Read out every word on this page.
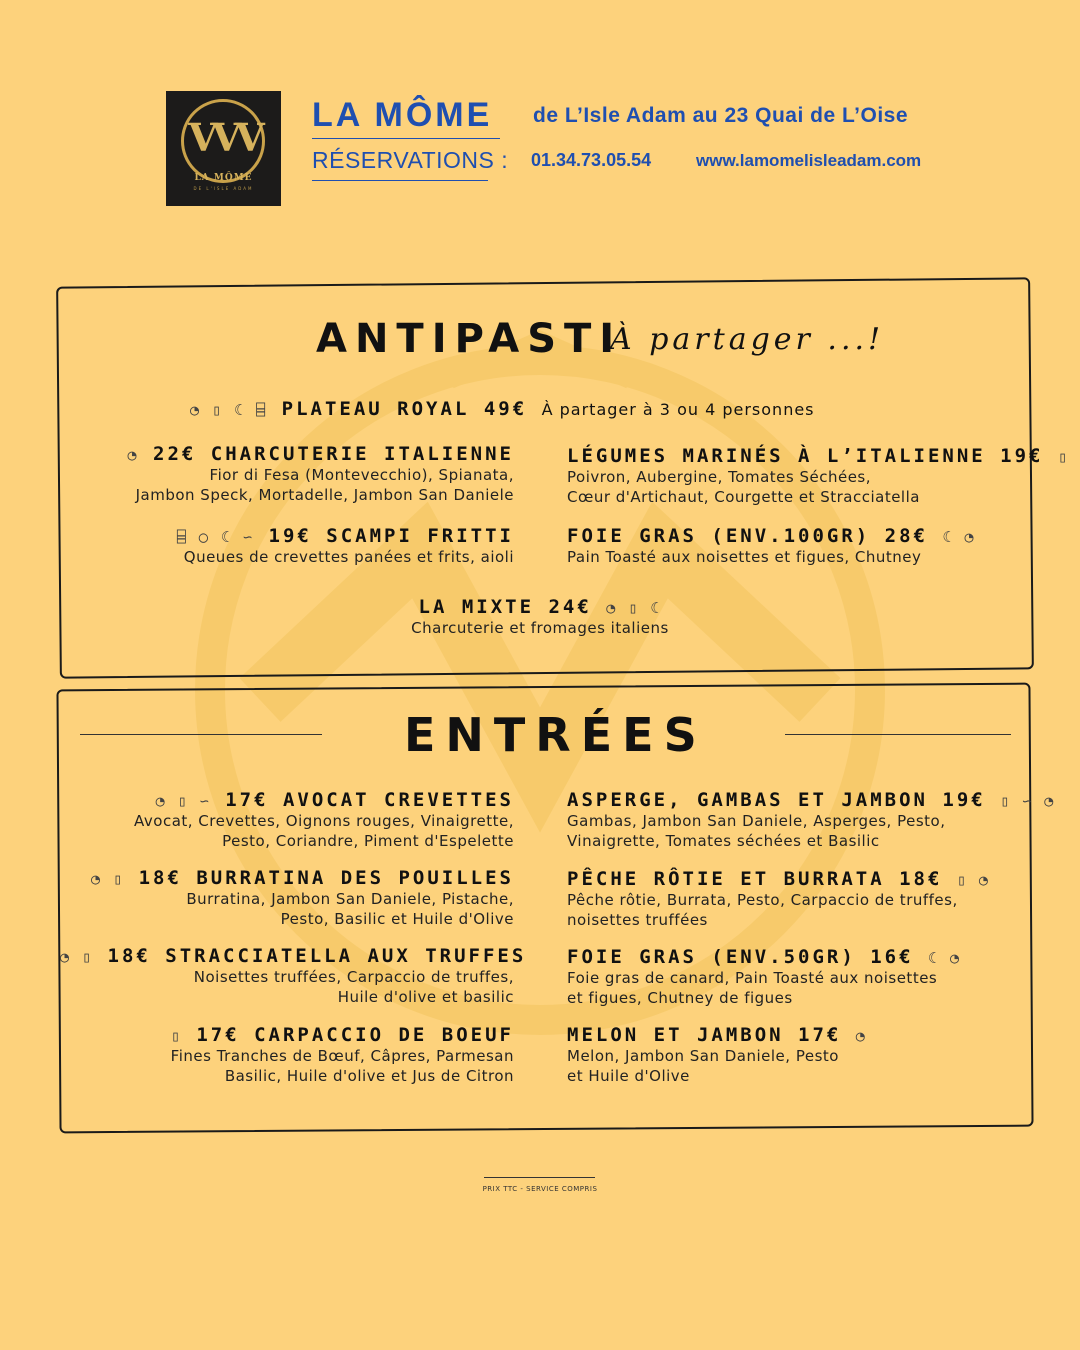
VVV
LA MÔME
DE L'ISLE ADAM
LA MÔME de L’Isle Adam au 23 Quai de L’Oise
RÉSERVATIONS : 01.34.73.05.54	www.lamomelisleadam.com
ANTIPASTI
À partager ...!
◔ ▯ ☾ ⌸ PLATEAU ROYAL 49€ À partager à 3 ou 4 personnes
◔ 22€ CHARCUTERIE ITALIENNE
Fior di Fesa (Montevecchio), Spianata,
Jambon Speck, Mortadelle, Jambon San Daniele
⌸ ◯ ☾ ∽ 19€ SCAMPI FRITTI
Queues de crevettes panées et frits, aioli
LÉGUMES MARINÉS À L’ITALIENNE 19€ ▯
Poivron, Aubergine, Tomates Séchées,
Cœur d'Artichaut, Courgette et Stracciatella
FOIE GRAS (ENV.100GR) 28€ ☾ ◔
Pain Toasté aux noisettes et figues, Chutney
LA MIXTE 24€ ◔ ▯ ☾
Charcuterie et fromages italiens
ENTRÉES
◔ ▯ ∽ 17€ AVOCAT CREVETTES
Avocat, Crevettes, Oignons rouges, Vinaigrette,
Pesto, Coriandre, Piment d'Espelette
◔ ▯ 18€ BURRATINA DES POUILLES
Burratina, Jambon San Daniele, Pistache,
Pesto, Basilic et Huile d'Olive
◔ ▯ 18€ STRACCIATELLA AUX TRUFFES
Noisettes truffées, Carpaccio de truffes,
Huile d'olive et basilic
▯ 17€ CARPACCIO DE BOEUF
Fines Tranches de Bœuf, Câpres, Parmesan
Basilic, Huile d'olive et Jus de Citron
ASPERGE, GAMBAS ET JAMBON 19€ ▯ ∽ ◔
Gambas, Jambon San Daniele, Asperges, Pesto,
Vinaigrette, Tomates séchées et Basilic
PÊCHE RÔTIE ET BURRATA 18€ ▯ ◔
Pêche rôtie, Burrata, Pesto, Carpaccio de truffes,
noisettes truffées
FOIE GRAS (ENV.50GR) 16€ ☾ ◔
Foie gras de canard, Pain Toasté aux noisettes
et figues, Chutney de figues
MELON ET JAMBON 17€ ◔
Melon, Jambon San Daniele, Pesto
et Huile d'Olive
PRIX TTC - SERVICE COMPRIS
